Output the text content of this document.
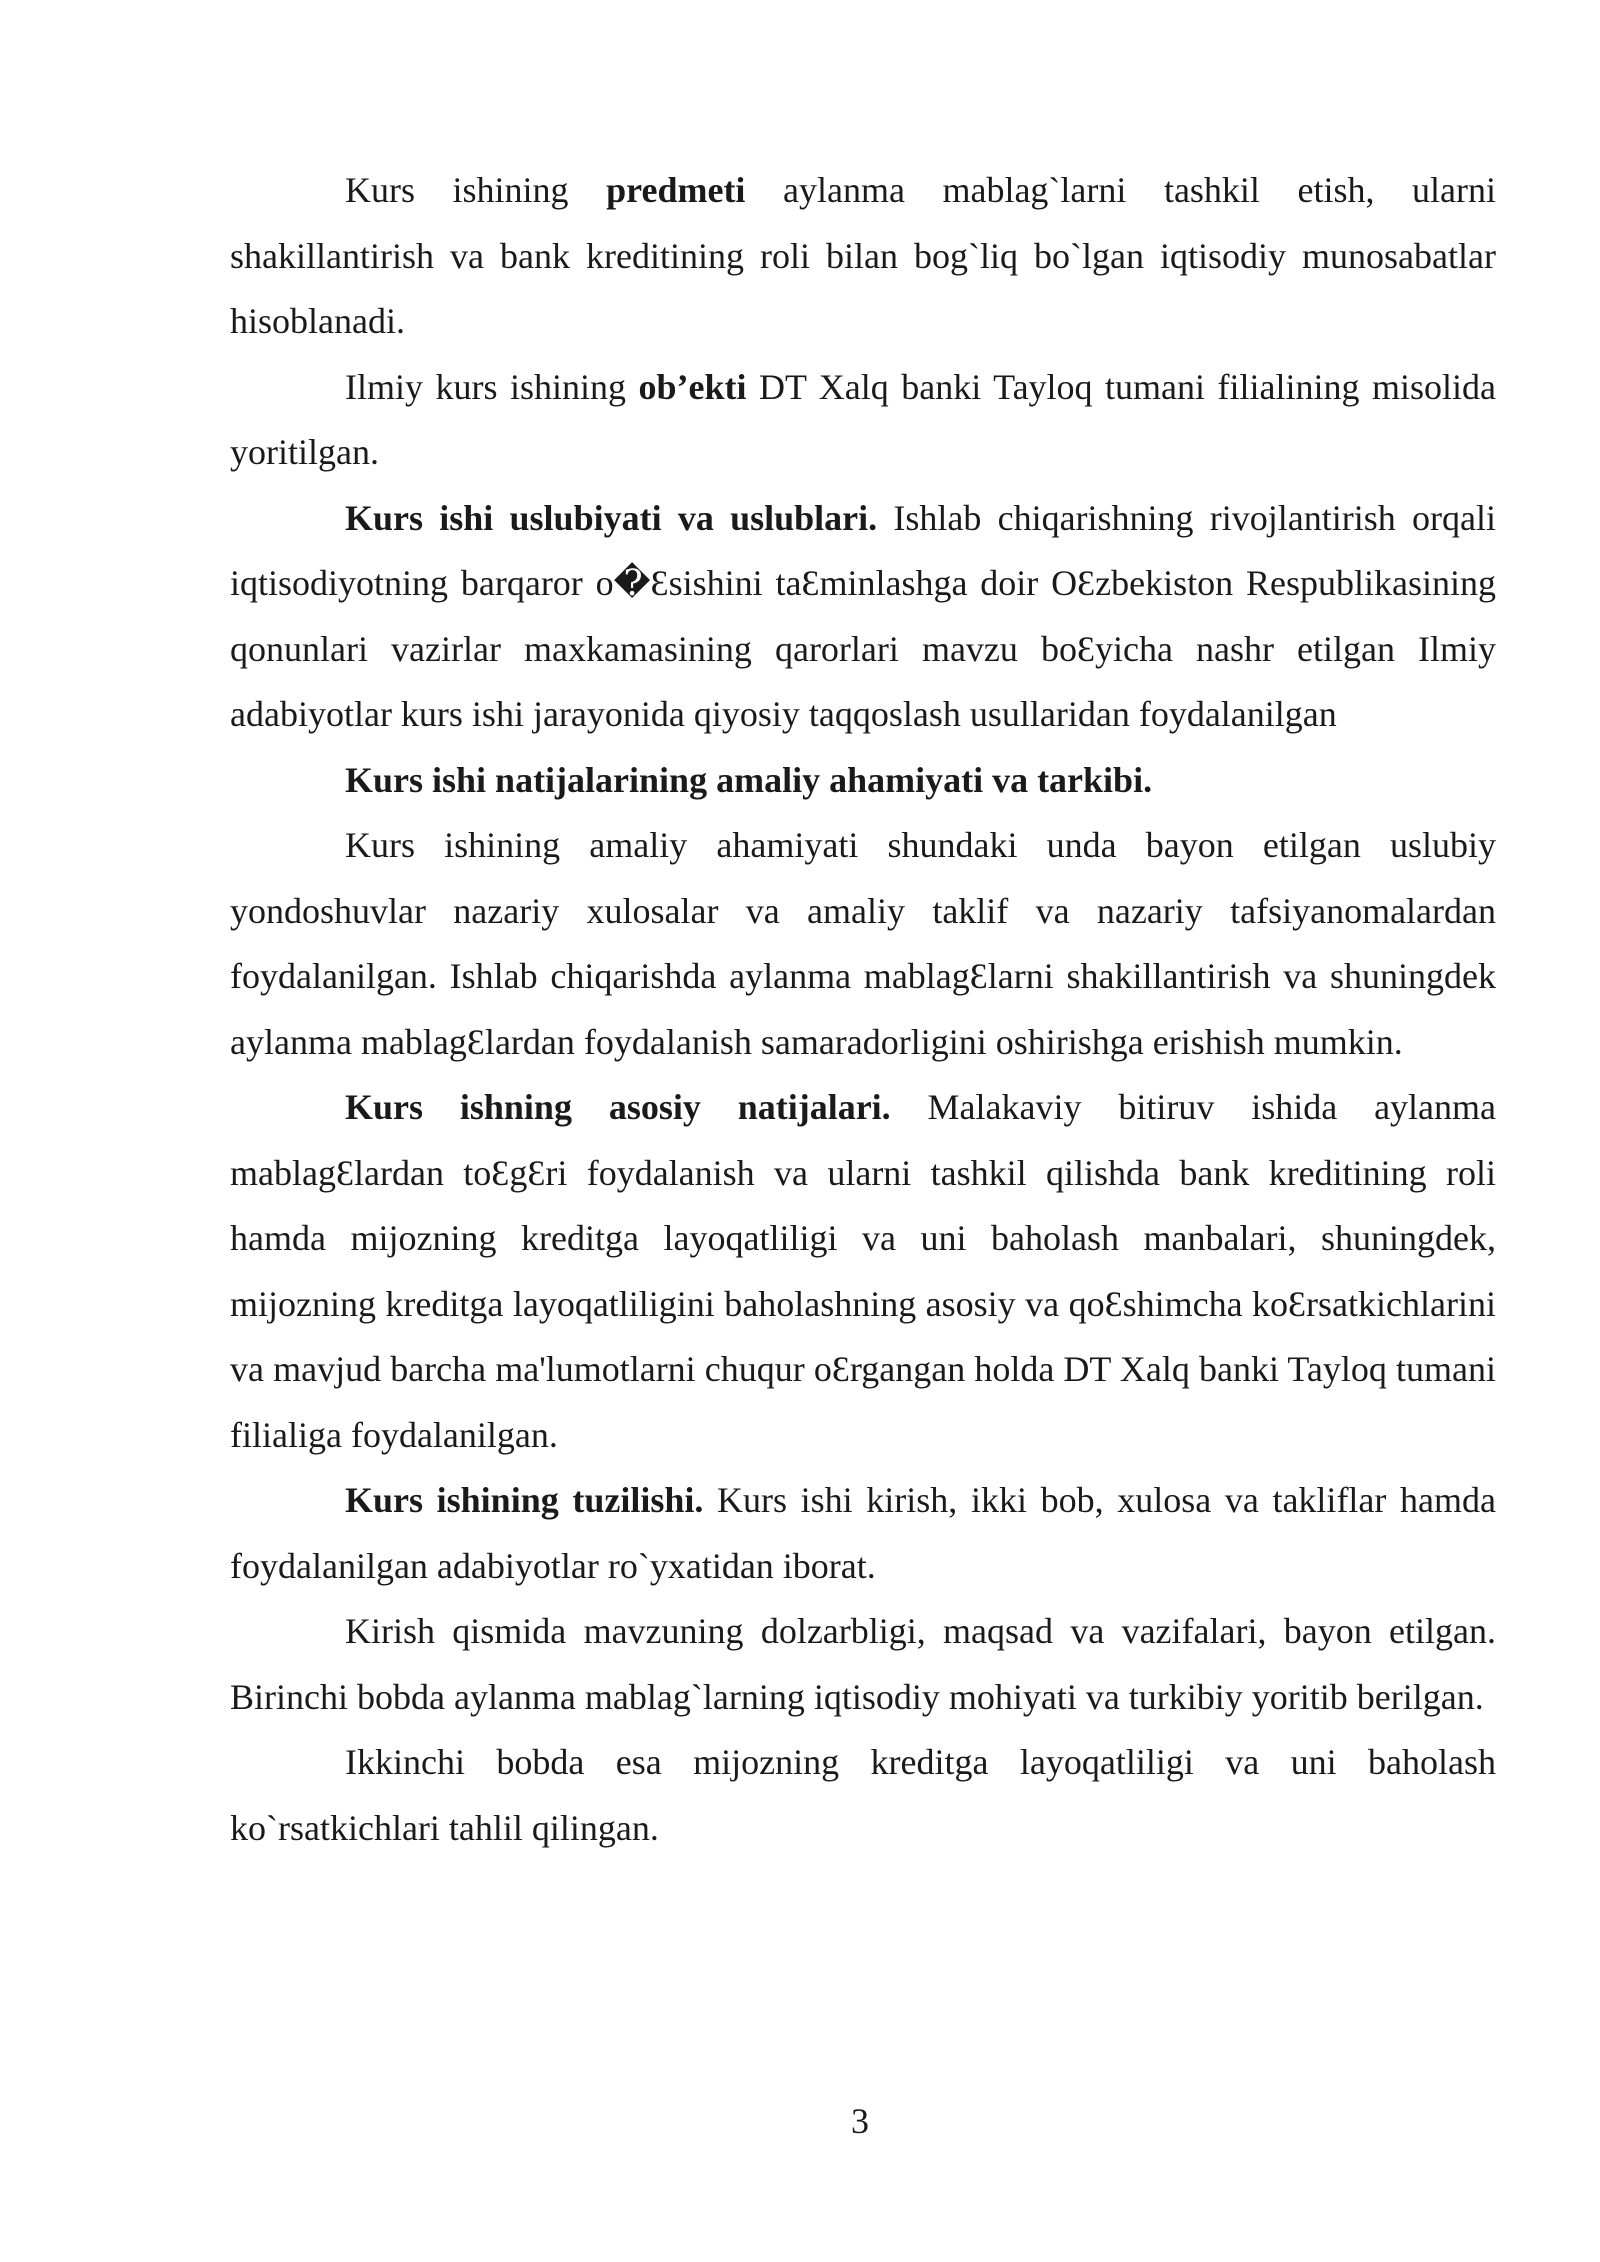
Kurs ishining predmeti aylanma mablag`larni tashkil etish, ularni shakillantirish va bank kreditining roli bilan bog`liq bo`lgan iqtisodiy munosabatlar hisoblanadi.

Ilmiy kurs ishining ob’ekti DT Xalq banki Tayloq tumani filialining misolida yoritilgan.

Kurs ishi uslubiyati va uslublari. Ishlab chiqarishning rivojlantirish orqali iqtisodiyotning barqaror o�Ɛsishini taƐminlashga doir OƐzbekiston Respublikasining qonunlari vazirlar maxkamasining qarorlari mavzu boƐyicha nashr etilgan Ilmiy adabiyotlar kurs ishi jarayonida qiyosiy taqqoslash usullaridan foydalanilgan

Kurs ishi natijalarining amaliy ahamiyati va tarkibi.

Kurs ishining amaliy ahamiyati shundaki unda bayon etilgan uslubiy yondoshuvlar nazariy xulosalar va amaliy taklif va nazariy tafsiyanomalardan foydalanilgan. Ishlab chiqarishda aylanma mablagƐlarni shakillantirish va shuningdek aylanma mablagƐlardan foydalanish samaradorligini oshirishga erishish mumkin.

Kurs ishning asosiy natijalari. Malakaviy bitiruv ishida aylanma mablagƐlardan toƐgƐri foydalanish va ularni tashkil qilishda bank kreditining roli hamda mijozning kreditga layoqatliligi va uni baholash manbalari, shuningdek, mijozning kreditga layoqatliligini baholashning asosiy va qoƐshimcha koƐrsatkichlarini va mavjud barcha ma'lumotlarni chuqur oƐrgangan holda DT Xalq banki Tayloq tumani filialiga foydalanilgan.

Kurs ishining tuzilishi. Kurs ishi kirish, ikki bob, xulosa va takliflar hamda foydalanilgan adabiyotlar ro`yxatidan iborat.

Kirish qismida mavzuning dolzarbligi, maqsad va vazifalari, bayon etilgan. Birinchi bobda aylanma mablag`larning iqtisodiy mohiyati va turkibiy yoritib berilgan.

Ikkinchi bobda esa mijozning kreditga layoqatliligi va uni baholash ko`rsatkichlari tahlil qilingan.

3
